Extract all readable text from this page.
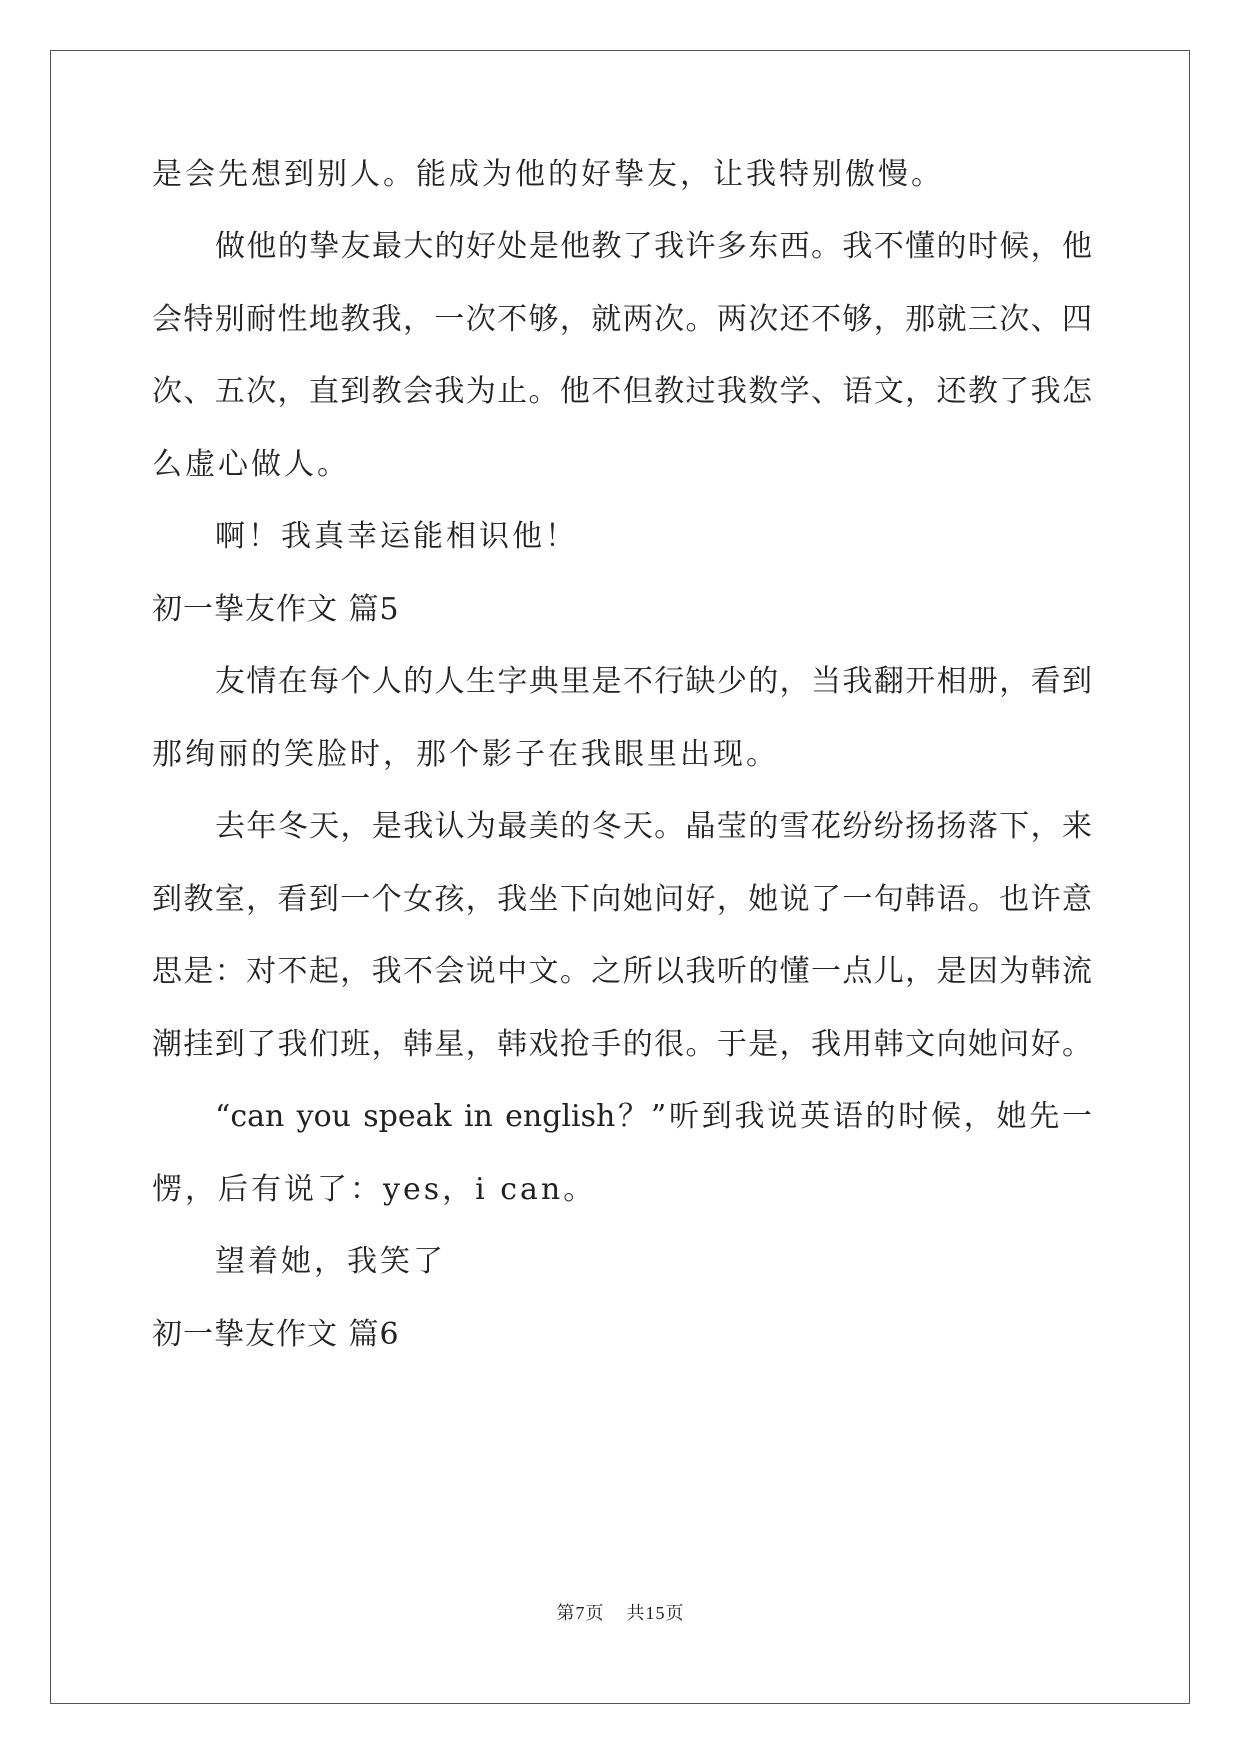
是会先想到别人。能成为他的好挚友，让我特别傲慢。
做他的挚友最大的好处是他教了我许多东西。我不懂的时候，他
会特别耐性地教我，一次不够，就两次。两次还不够，那就三次、四
次、五次，直到教会我为止。他不但教过我数学、语文，还教了我怎
么虚心做人。
啊！我真幸运能相识他！
初一挚友作文 篇5
友情在每个人的人生字典里是不行缺少的，当我翻开相册，看到
那绚丽的笑脸时，那个影子在我眼里出现。
去年冬天，是我认为最美的冬天。晶莹的雪花纷纷扬扬落下，来
到教室，看到一个女孩，我坐下向她问好，她说了一句韩语。也许意
思是：对不起，我不会说中文。之所以我听的懂一点儿，是因为韩流
潮挂到了我们班，韩星，韩戏抢手的很。于是，我用韩文向她问好。
“can you speak in english？”听到我说英语的时候，她先一
愣，后有说了：yes，i can。
望着她，我笑了
初一挚友作文 篇6
第7页 共15页
